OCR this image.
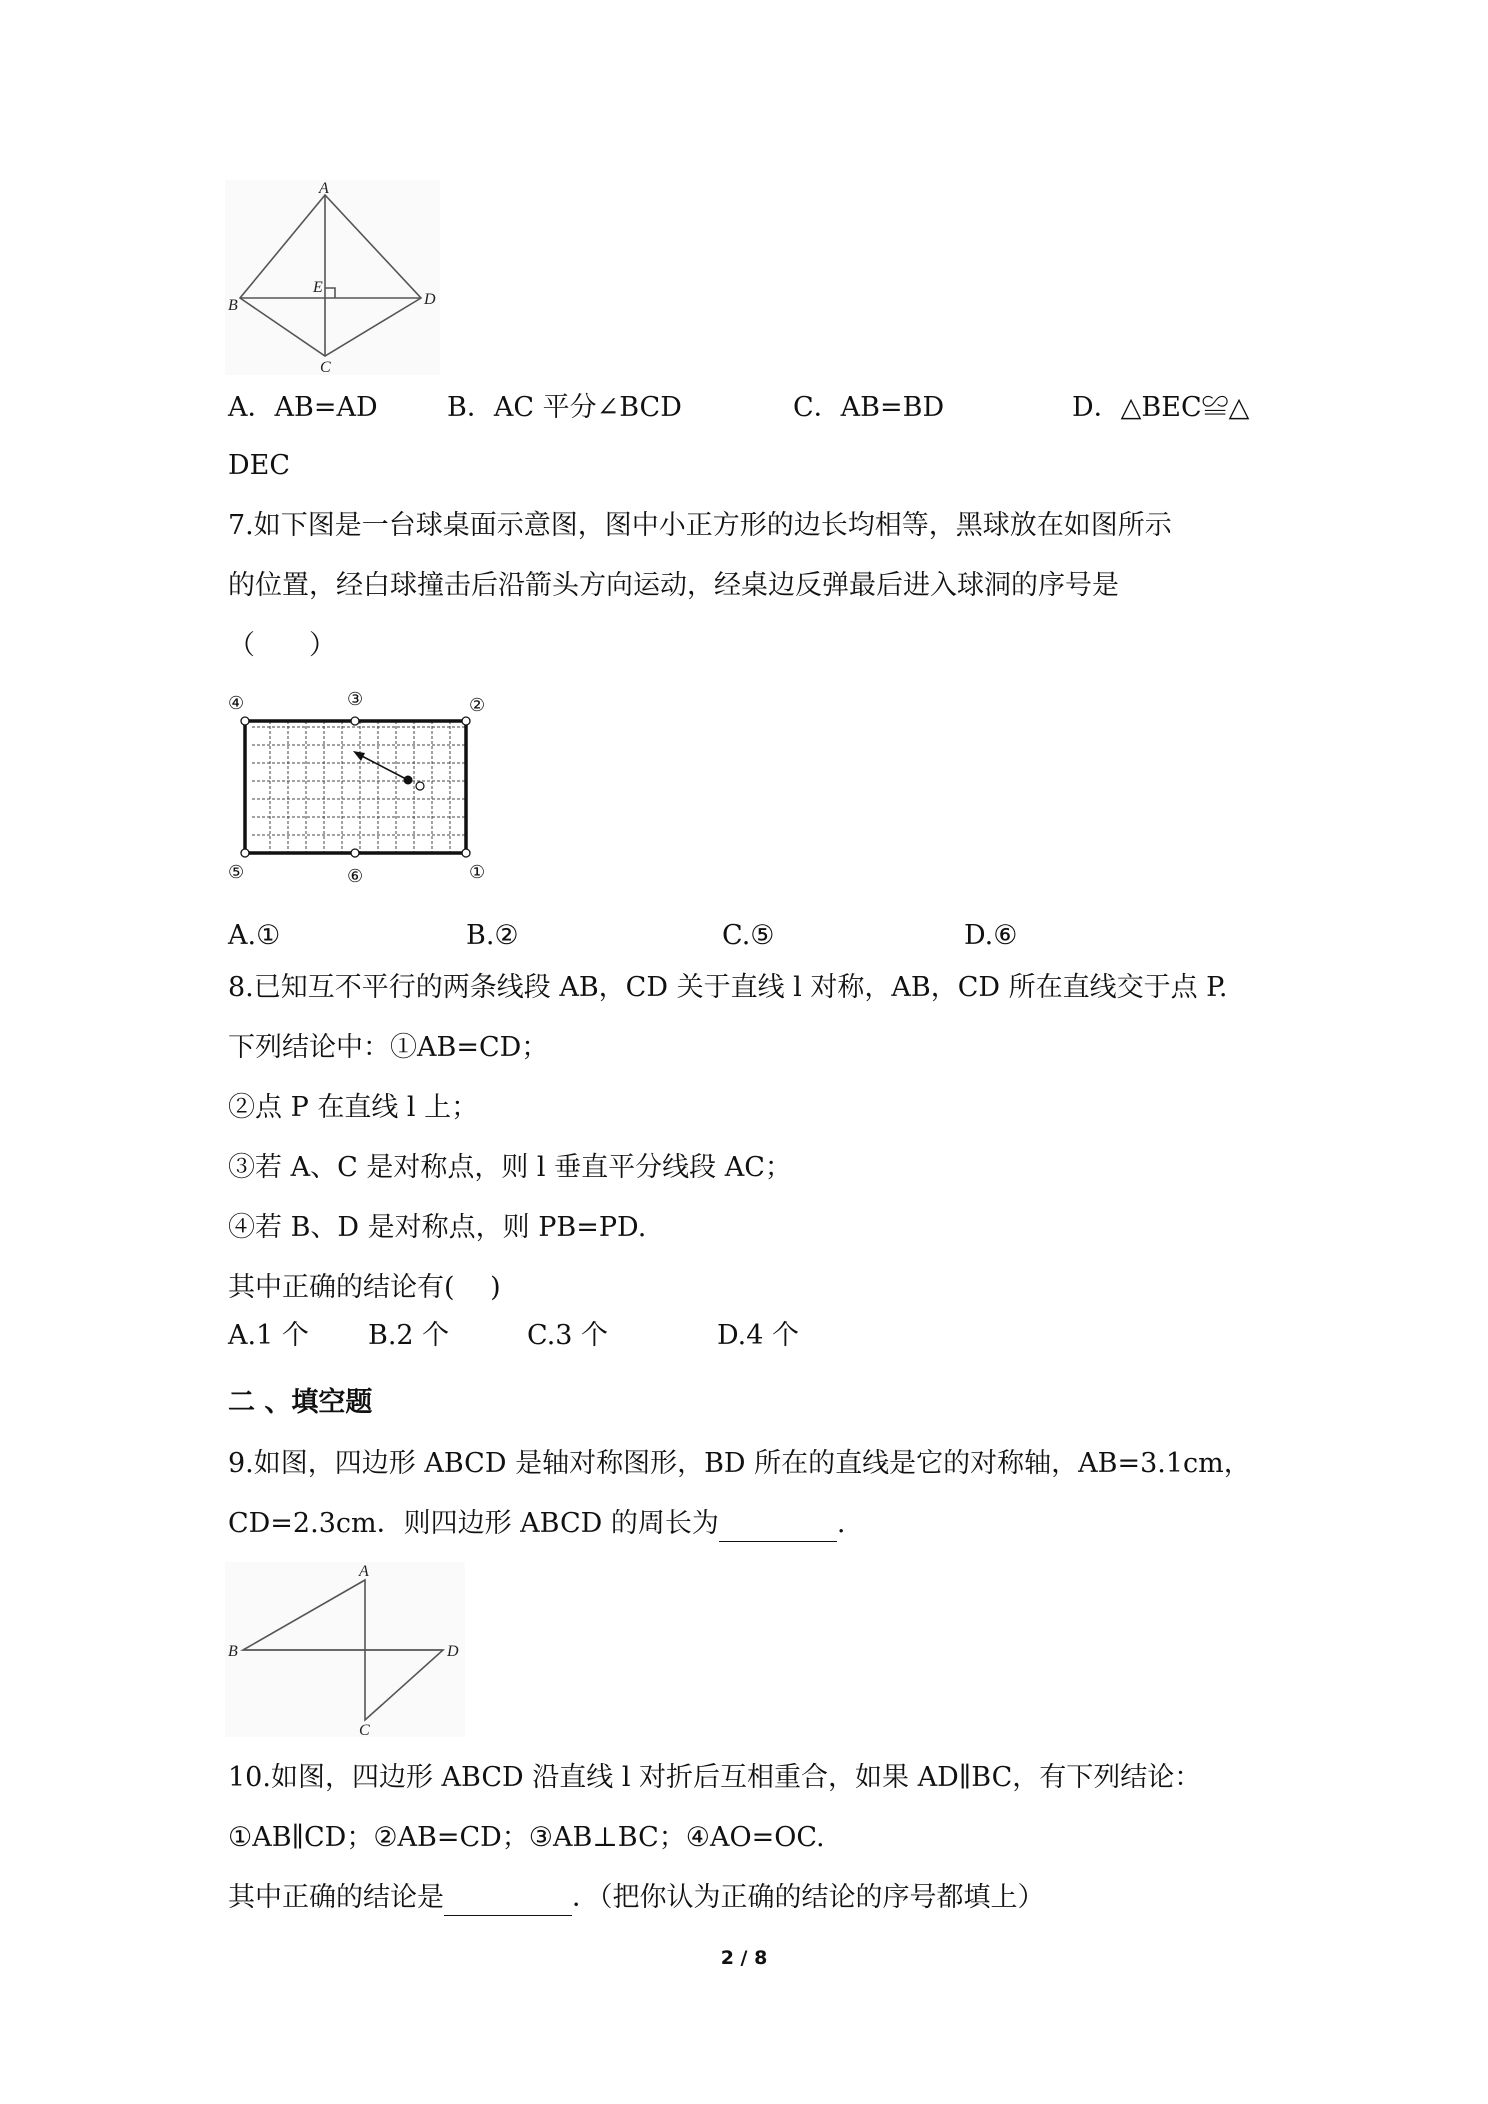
A
B
C
D
E
A．AB=AD	B．AC 平分∠BCD	C．AB=BD	D．△BEC≌△
DEC
7.如下图是一台球桌面示意图，图中小正方形的边长均相等，黑球放在如图所示
的位置，经白球撞击后沿箭头方向运动，经桌边反弹最后进入球洞的序号是
（　　）
④	③	②
⑤	⑥	①
A.①	B.②	C.⑤	D.⑥
8.已知互不平行的两条线段 AB，CD 关于直线 l 对称，AB，CD 所在直线交于点 P.
下列结论中：①AB=CD；
②点 P 在直线 l 上；
③若 A、C 是对称点，则 l 垂直平分线段 AC；
④若 B、D 是对称点，则 PB=PD.
其中正确的结论有(　 )
A.1 个 B.2 个	C.3 个	D.4 个
二 、填空题
9.如图，四边形 ABCD 是轴对称图形，BD 所在的直线是它的对称轴，AB=3.1cm，
CD=2.3cm．则四边形 ABCD 的周长为	.
A
B
C
D
10.如图，四边形 ABCD 沿直线 l 对折后互相重合，如果 AD∥BC，有下列结论：
①AB∥CD；②AB=CD；③AB⊥BC；④AO=OC.
其中正确的结论是	．（把你认为正确的结论的序号都填上）
2 / 8
